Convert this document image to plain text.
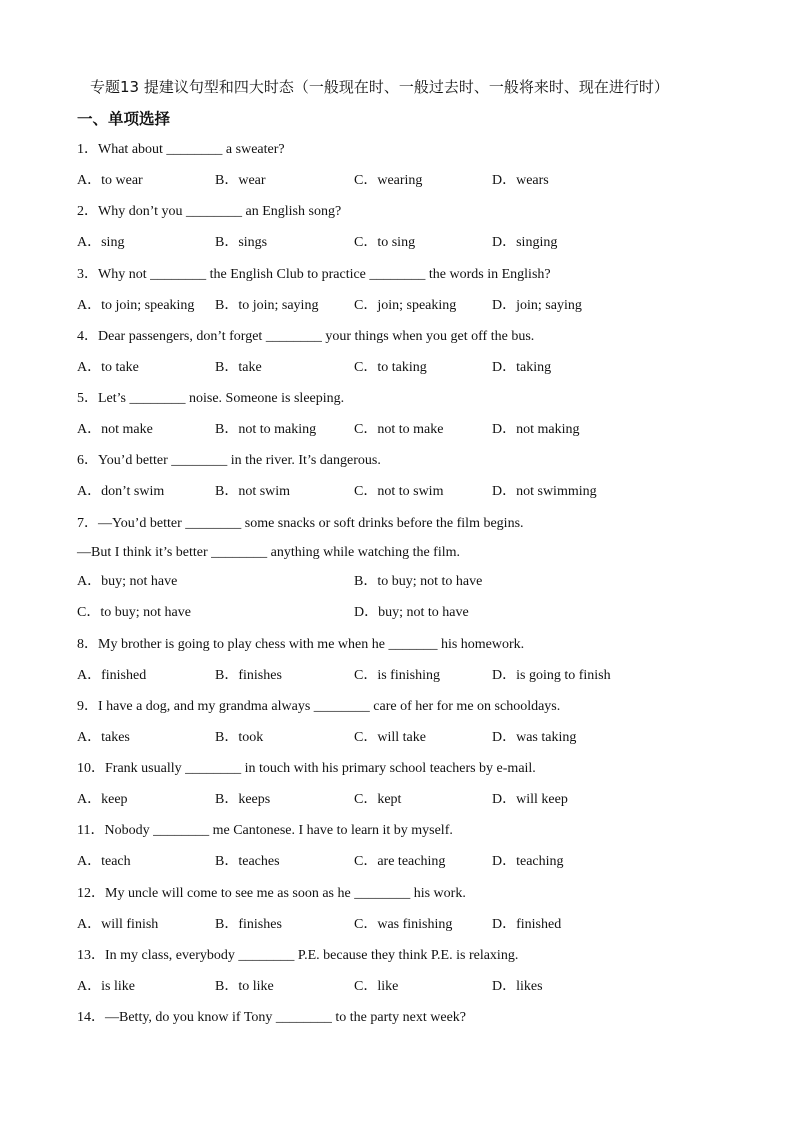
专题13 提建议句型和四大时态（一般现在时、一般过去时、一般将来时、现在进行时）
一、单项选择
1．What about ________ a sweater?
A．to wear	B．wear	C．wearing	D．wears
2．Why don’t you ________ an English song?
A．sing	B．sings	C．to sing	D．singing
3．Why not ________ the English Club to practice ________ the words in English?
A．to join; speaking B．to join; saying	C．join; speaking	D．join; saying
4．Dear passengers, don’t forget ________ your things when you get off the bus.
A．to take	B．take	C．to taking	D．taking
5．Let’s ________ noise. Someone is sleeping.
A．not make	B．not to making	C．not to make	D．not making
6．You’d better ________ in the river. It’s dangerous.
A．don’t swim	B．not swim	C．not to swim	D．not swimming
7．—You’d better ________ some snacks or soft drinks before the film begins.
—But I think it’s better ________ anything while watching the film.
A．buy; not have	B．to buy; not to have
C．to buy; not have	D．buy; not to have
8．My brother is going to play chess with me when he _______ his homework.
A．finished	B．finishes	C．is finishing	D．is going to finish
9．I have a dog, and my grandma always ________ care of her for me on schooldays.
A．takes	B．took	C．will take	D．was taking
10．Frank usually ________ in touch with his primary school teachers by e-mail.
A．keep	B．keeps	C．kept	D．will keep
11．Nobody ________ me Cantonese. I have to learn it by myself.
A．teach	B．teaches	C．are teaching	D．teaching
12．My uncle will come to see me as soon as he ________ his work.
A．will finish	B．finishes	C．was finishing	D．finished
13．In my class, everybody ________ P.E. because they think P.E. is relaxing.
A．is like	B．to like	C．like	D．likes
14．—Betty, do you know if Tony ________ to the party next week?
